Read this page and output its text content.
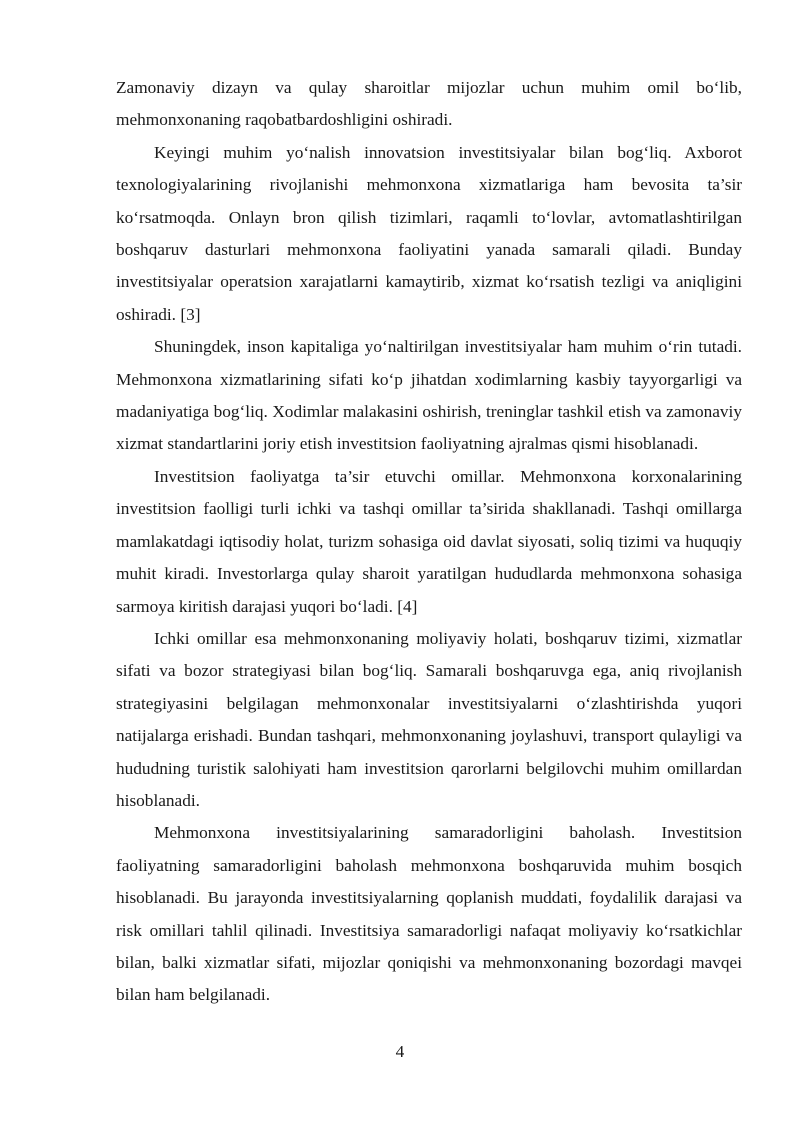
Zamonaviy dizayn va qulay sharoitlar mijozlar uchun muhim omil bo‘lib, mehmonxonaning raqobatbardoshligini oshiradi.

Keyingi muhim yo‘nalish innovatsion investitsiyalar bilan bog‘liq. Axborot texnologiyalarining rivojlanishi mehmonxona xizmatlariga ham bevosita ta’sir ko‘rsatmoqda. Onlayn bron qilish tizimlari, raqamli to‘lovlar, avtomatlashtirilgan boshqaruv dasturlari mehmonxona faoliyatini yanada samarali qiladi. Bunday investitsiyalar operatsion xarajatlarni kamaytirib, xizmat ko‘rsatish tezligi va aniqligini oshiradi. [3]

Shuningdek, inson kapitaliga yo‘naltirilgan investitsiyalar ham muhim o‘rin tutadi. Mehmonxona xizmatlarining sifati ko‘p jihatdan xodimlarning kasbiy tayyorgarligi va madaniyatiga bog‘liq. Xodimlar malakasini oshirish, treninglar tashkil etish va zamonaviy xizmat standartlarini joriy etish investitsion faoliyatning ajralmas qismi hisoblanadi.

Investitsion faoliyatga ta’sir etuvchi omillar. Mehmonxona korxonalarining investitsion faolligi turli ichki va tashqi omillar ta’sirida shakllanadi. Tashqi omillarga mamlakatdagi iqtisodiy holat, turizm sohasiga oid davlat siyosati, soliq tizimi va huquqiy muhit kiradi. Investorlarga qulay sharoit yaratilgan hududlarda mehmonxona sohasiga sarmoya kiritish darajasi yuqori bo‘ladi. [4]

Ichki omillar esa mehmonxonaning moliyaviy holati, boshqaruv tizimi, xizmatlar sifati va bozor strategiyasi bilan bog‘liq. Samarali boshqaruvga ega, aniq rivojlanish strategiyasini belgilagan mehmonxonalar investitsiyalarni o‘zlashtirishda yuqori natijalarga erishadi. Bundan tashqari, mehmonxonaning joylashuvi, transport qulayligi va hududning turistik salohiyati ham investitsion qarorlarni belgilovchi muhim omillardan hisoblanadi.

Mehmonxona investitsiyalarining samaradorligini baholash. Investitsion faoliyatning samaradorligini baholash mehmonxona boshqaruvida muhim bosqich hisoblanadi. Bu jarayonda investitsiyalarning qoplanish muddati, foydalilik darajasi va risk omillari tahlil qilinadi. Investitsiya samaradorligi nafaqat moliyaviy ko‘rsatkichlar bilan, balki xizmatlar sifati, mijozlar qoniqishi va mehmonxonaning bozordagi mavqei bilan ham belgilanadi.

4
